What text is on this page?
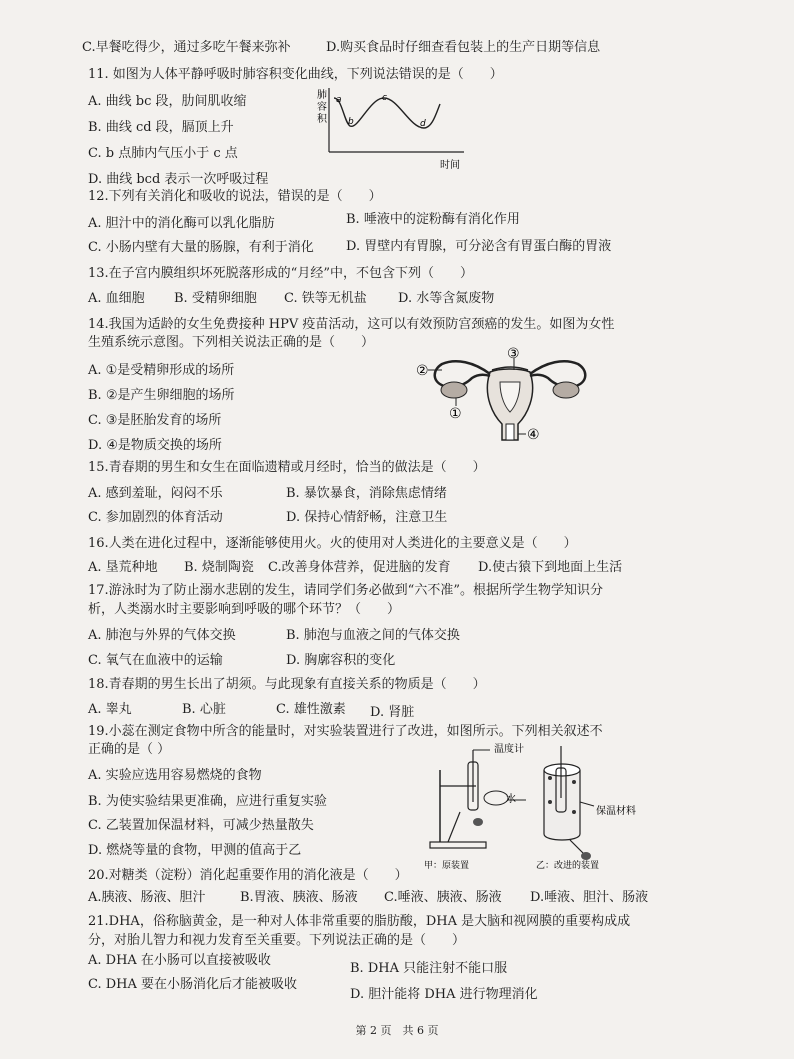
C.早餐吃得少，通过多吃午餐来弥补	D.购买食品时仔细查看包装上的生产日期等信息
11. 如图为人体平静呼吸时肺容积变化曲线，下列说法错误的是（　　）
A. 曲线 bc 段，肋间肌收缩
B. 曲线 cd 段，膈顶上升
C. b 点肺内气压小于 c 点
D. 曲线 bcd 表示一次呼吸过程
肺
容
积
a
b
c
d
时间
12.下列有关消化和吸收的说法，错误的是（　　）
A. 胆汁中的消化酶可以乳化脂肪	B. 唾液中的淀粉酶有消化作用
C. 小肠内壁有大量的肠腺，有利于消化 D. 胃壁内有胃腺，可分泌含有胃蛋白酶的胃液
13.在子宫内膜组织坏死脱落形成的“月经”中，不包含下列（　　）
A. 血细胞 B. 受精卵细胞 C. 铁等无机盐 D. 水等含氮废物
14.我国为适龄的女生免费接种 HPV 疫苗活动，这可以有效预防宫颈癌的发生。如图为女性
生殖系统示意图。下列相关说法正确的是（　　）
A. ①是受精卵形成的场所
B. ②是产生卵细胞的场所
C. ③是胚胎发育的场所
D. ④是物质交换的场所
②
③
①
④
15.青春期的男生和女生在面临遗精或月经时，恰当的做法是（　　）
A. 感到羞耻，闷闷不乐	B. 暴饮暴食，消除焦虑情绪
C. 参加剧烈的体育活动	D. 保持心情舒畅，注意卫生
16.人类在进化过程中，逐渐能够使用火。火的使用对人类进化的主要意义是（　　）
A. 垦荒种地 B. 烧制陶瓷 C.改善身体营养，促进脑的发育 D.使古猿下到地面上生活
17.游泳时为了防止溺水悲剧的发生，请同学们务必做到“六不准”。根据所学生物学知识分
析，人类溺水时主要影响到呼吸的哪个环节？（　　）
A. 肺泡与外界的气体交换	B. 肺泡与血液之间的气体交换
C. 氧气在血液中的运输	D. 胸廓容积的变化
18.青春期的男生长出了胡须。与此现象有直接关系的物质是（　　）
A. 睾丸	B. 心脏	C. 雄性激素 D. 肾脏
19.小蕊在测定食物中所含的能量时，对实验装置进行了改进，如图所示。下列相关叙述不
正确的是（ ）
A. 实验应选用容易燃烧的食物
B. 为使实验结果更准确，应进行重复实验
C. 乙装置加保温材料，可减少热量散失
D. 燃烧等量的食物，甲测的值高于乙
甲：原装置
温度计
水
保温材料
乙：改进的装置
20.对糖类（淀粉）消化起重要作用的消化液是（　　）
A.胰液、肠液、胆汁	B.胃液、胰液、肠液 C.唾液、胰液、肠液 D.唾液、胆汁、肠液
21.DHA，俗称脑黄金，是一种对人体非常重要的脂肪酸，DHA 是大脑和视网膜的重要构成成
分，对胎儿智力和视力发育至关重要。下列说法正确的是（　　）
A. DHA 在小肠可以直接被吸收
B. DHA 只能注射不能口服
C. DHA 要在小肠消化后才能被吸收
D. 胆汁能将 DHA 进行物理消化
第 2 页　共 6 页
